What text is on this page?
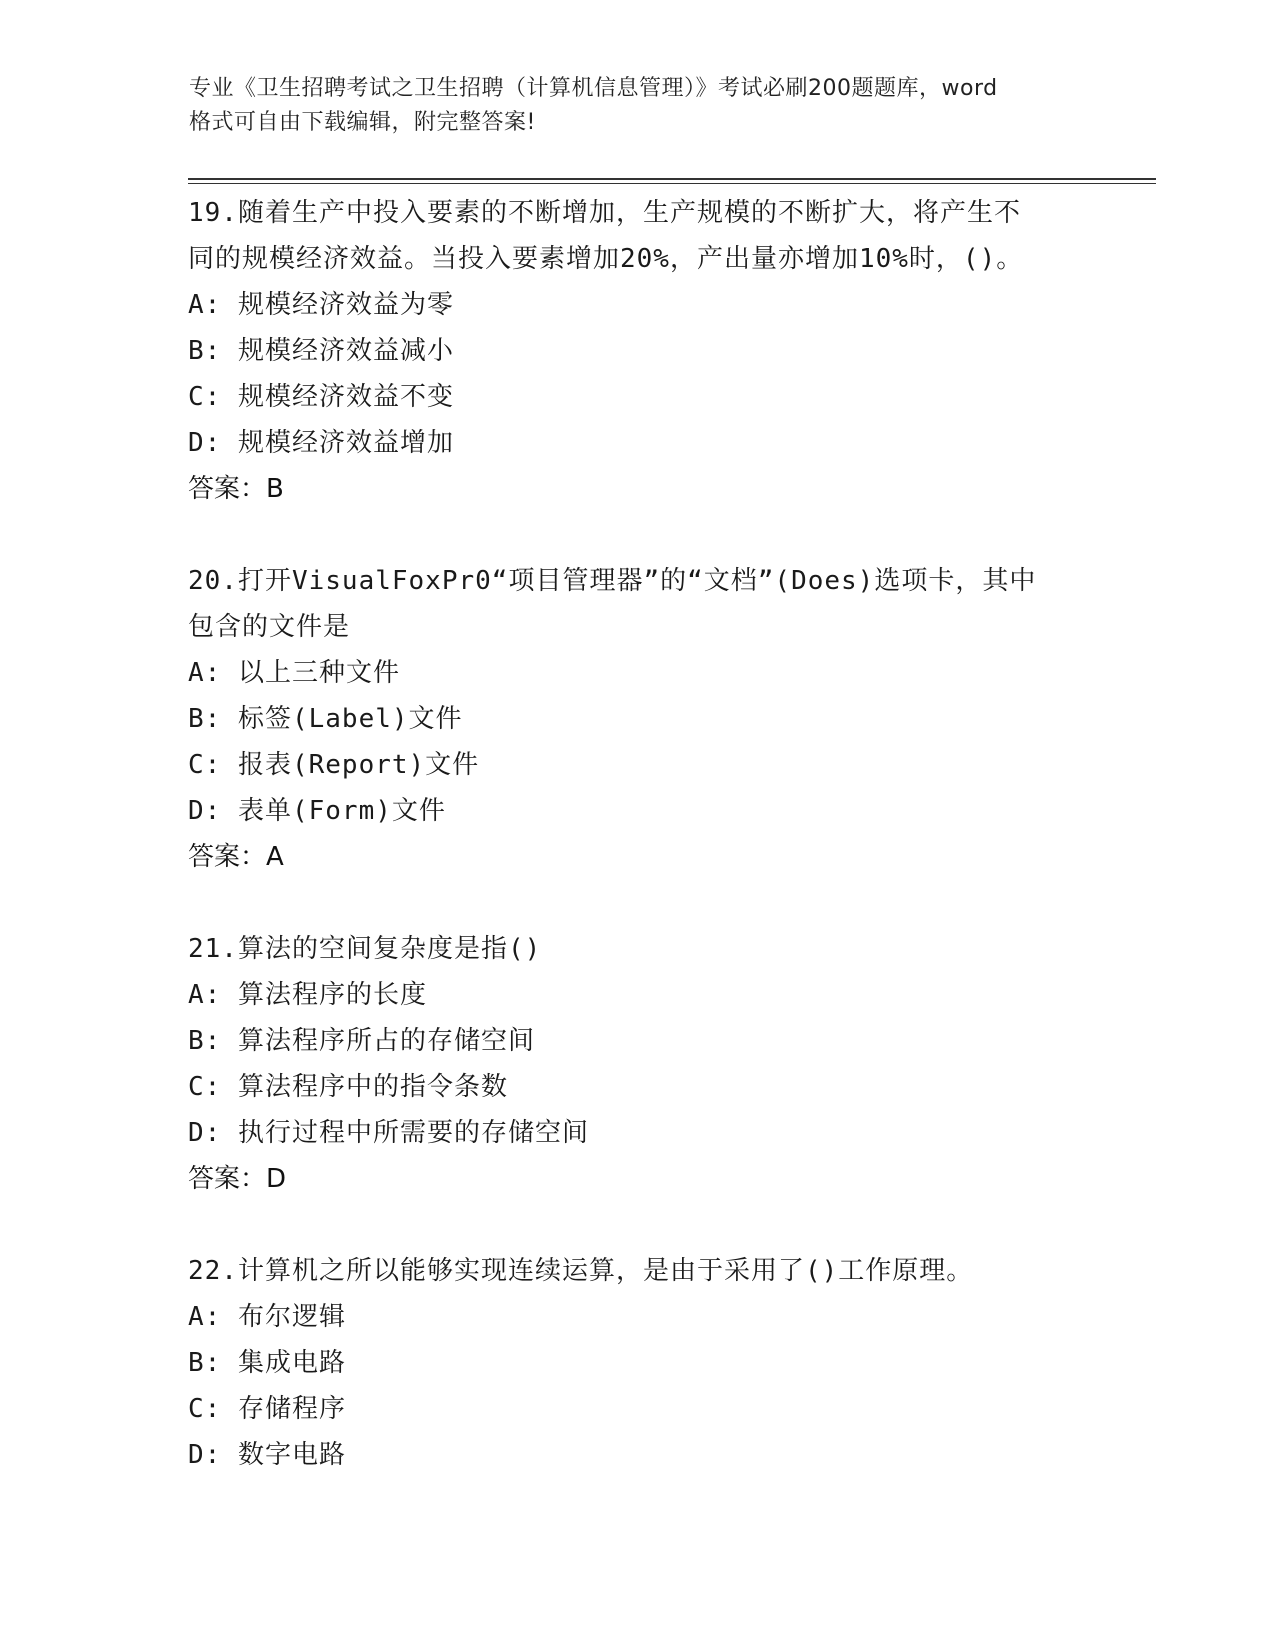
专业《卫生招聘考试之卫生招聘（计算机信息管理）》考试必刷200题题库，word
格式可自由下载编辑，附完整答案!
19.随着生产中投入要素的不断增加，生产规模的不断扩大，将产生不
同的规模经济效益。当投入要素增加20%，产出量亦增加10%时，()。
A: 规模经济效益为零
B: 规模经济效益减小
C: 规模经济效益不变
D: 规模经济效益增加
答案：B
20.打开VisualFoxPr0“项目管理器”的“文档”(Does)选项卡，其中
包含的文件是
A: 以上三种文件
B: 标签(Label)文件
C: 报表(Report)文件
D: 表单(Form)文件
答案：A
21.算法的空间复杂度是指()
A: 算法程序的长度
B: 算法程序所占的存储空间
C: 算法程序中的指令条数
D: 执行过程中所需要的存储空间
答案：D
22.计算机之所以能够实现连续运算，是由于采用了()工作原理。
A: 布尔逻辑
B: 集成电路
C: 存储程序
D: 数字电路
